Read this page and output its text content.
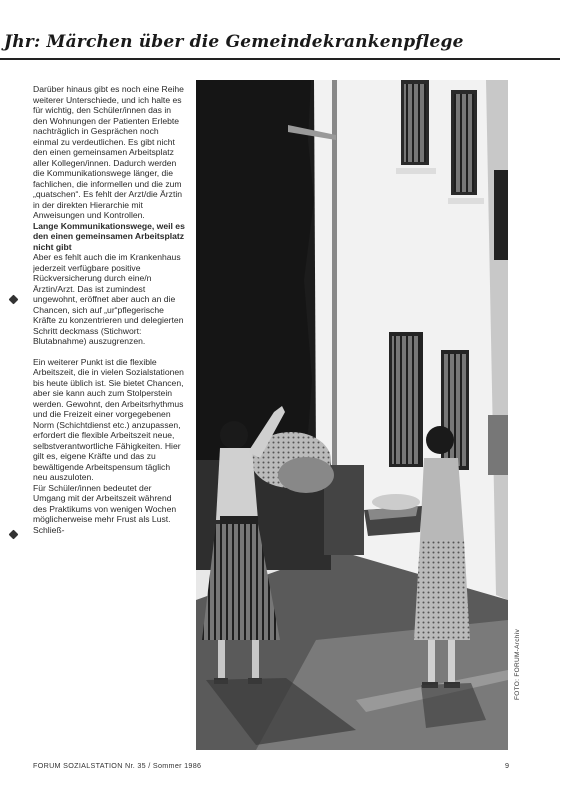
Jhr: Märchen über die Gemeindekrankenpflege

Darüber hinaus gibt es noch eine Reihe weiterer Unterschiede, und ich halte es für wichtig, den Schüler/innen das in den Wohnungen der Patienten Erlebte nachträglich in Gesprächen noch einmal zu verdeutlichen. Es gibt nicht den einen gemeinsamen Arbeitsplatz aller Kollegen/innen. Dadurch werden die Kommunikationswege länger, die fachlichen, die informellen und die zum „quatschen“. Es fehlt der Arzt/die Ärztin in der direkten Hierarchie mit Anweisungen und Kontrollen.

Lange Kommunikationswege, weil es den einen gemeinsamen Arbeitsplatz nicht gibt

Aber es fehlt auch die im Krankenhaus jederzeit verfügbare positive Rückversicherung durch eine/n Ärztin/Arzt. Das ist zumindest ungewohnt, eröffnet aber auch an die Chancen, sich auf „ur“pflegerische Kräfte zu konzentrieren und delegierten Schritt deckmass (Stichwort: Blutabnahme) auszugrenzen.

Ein weiterer Punkt ist die flexible Arbeitszeit, die in vielen Sozialstationen bis heute üblich ist. Sie bietet Chancen, aber sie kann auch zum Stolperstein werden. Gewohnt, den Arbeitsrhythmus und die Freizeit einer vorgegebenen Norm (Schichtdienst etc.) anzupassen, erfordert die flexible Arbeitszeit neue, selbstverantwortliche Fähigkeiten. Hier gilt es, eigene Kräfte und das zu bewältigende Arbeitspensum täglich neu auszuloten.

Für Schüler/innen bedeutet der Umgang mit der Arbeitszeit während des Praktikums von wenigen Wochen möglicherweise mehr Frust als Lust. Schließ-

FOTO: FORUM-Archiv
FORUM SOZIALSTATION Nr. 35 / Sommer 1986	9
